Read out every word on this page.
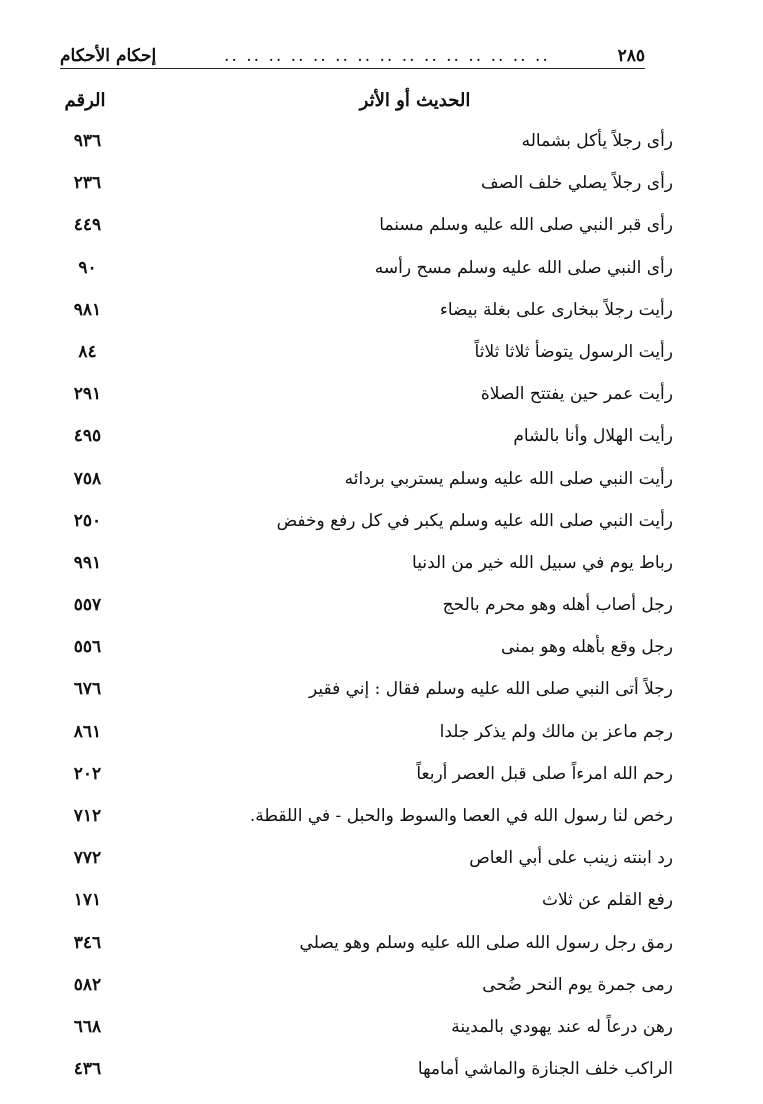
٢٨٥
.. .. .. .. .. .. .. .. .. .. .. .. .. .. ..
إحكام الأحكام
الحديث أو الأثر
الرقم
رأى رجلاً يأكل بشماله
٩٣٦
رأى رجلاً يصلي خلف الصف
٢٣٦
رأى قبر النبي صلى الله عليه وسلم مسنما
٤٤٩
رأى النبي صلى الله عليه وسلم مسح رأسه
٩٠
رأيت رجلاً ببخارى على بغلة بيضاء
٩٨١
رأيت الرسول يتوضأ ثلاثا ثلاثاً
٨٤
رأيت عمر حين يفتتح الصلاة
٢٩١
رأيت الهلال وأنا بالشام
٤٩٥
رأيت النبي صلى الله عليه وسلم يستربي بردائه
٧٥٨
رأيت النبي صلى الله عليه وسلم يكبر في كل رفع وخفض
٢٥٠
رباط يوم في سبيل الله خير من الدنيا
٩٩١
رجل أصاب أهله وهو محرم بالحج
٥٥٧
رجل وقع بأهله وهو بمنى
٥٥٦
رجلاً أتى النبي صلى الله عليه وسلم فقال : إني فقير
٦٧٦
رجم ماعز بن مالك ولم يذكر جلدا
٨٦١
رحم الله امرءاً صلى قبل العصر أربعاً
٢٠٢
رخص لنا رسول الله في العصا والسوط والحبل - في اللقطة.
٧١٢
رد ابنته زينب على أبي العاص
٧٧٢
رفع القلم عن ثلاث
١٧١
رمق رجل رسول الله صلى الله عليه وسلم وهو يصلي
٣٤٦
رمى جمرة يوم النحر ضُحى
٥٨٢
رهن درعاً له عند يهودي بالمدينة
٦٦٨
الراكب خلف الجنازة والماشي أمامها
٤٣٦
